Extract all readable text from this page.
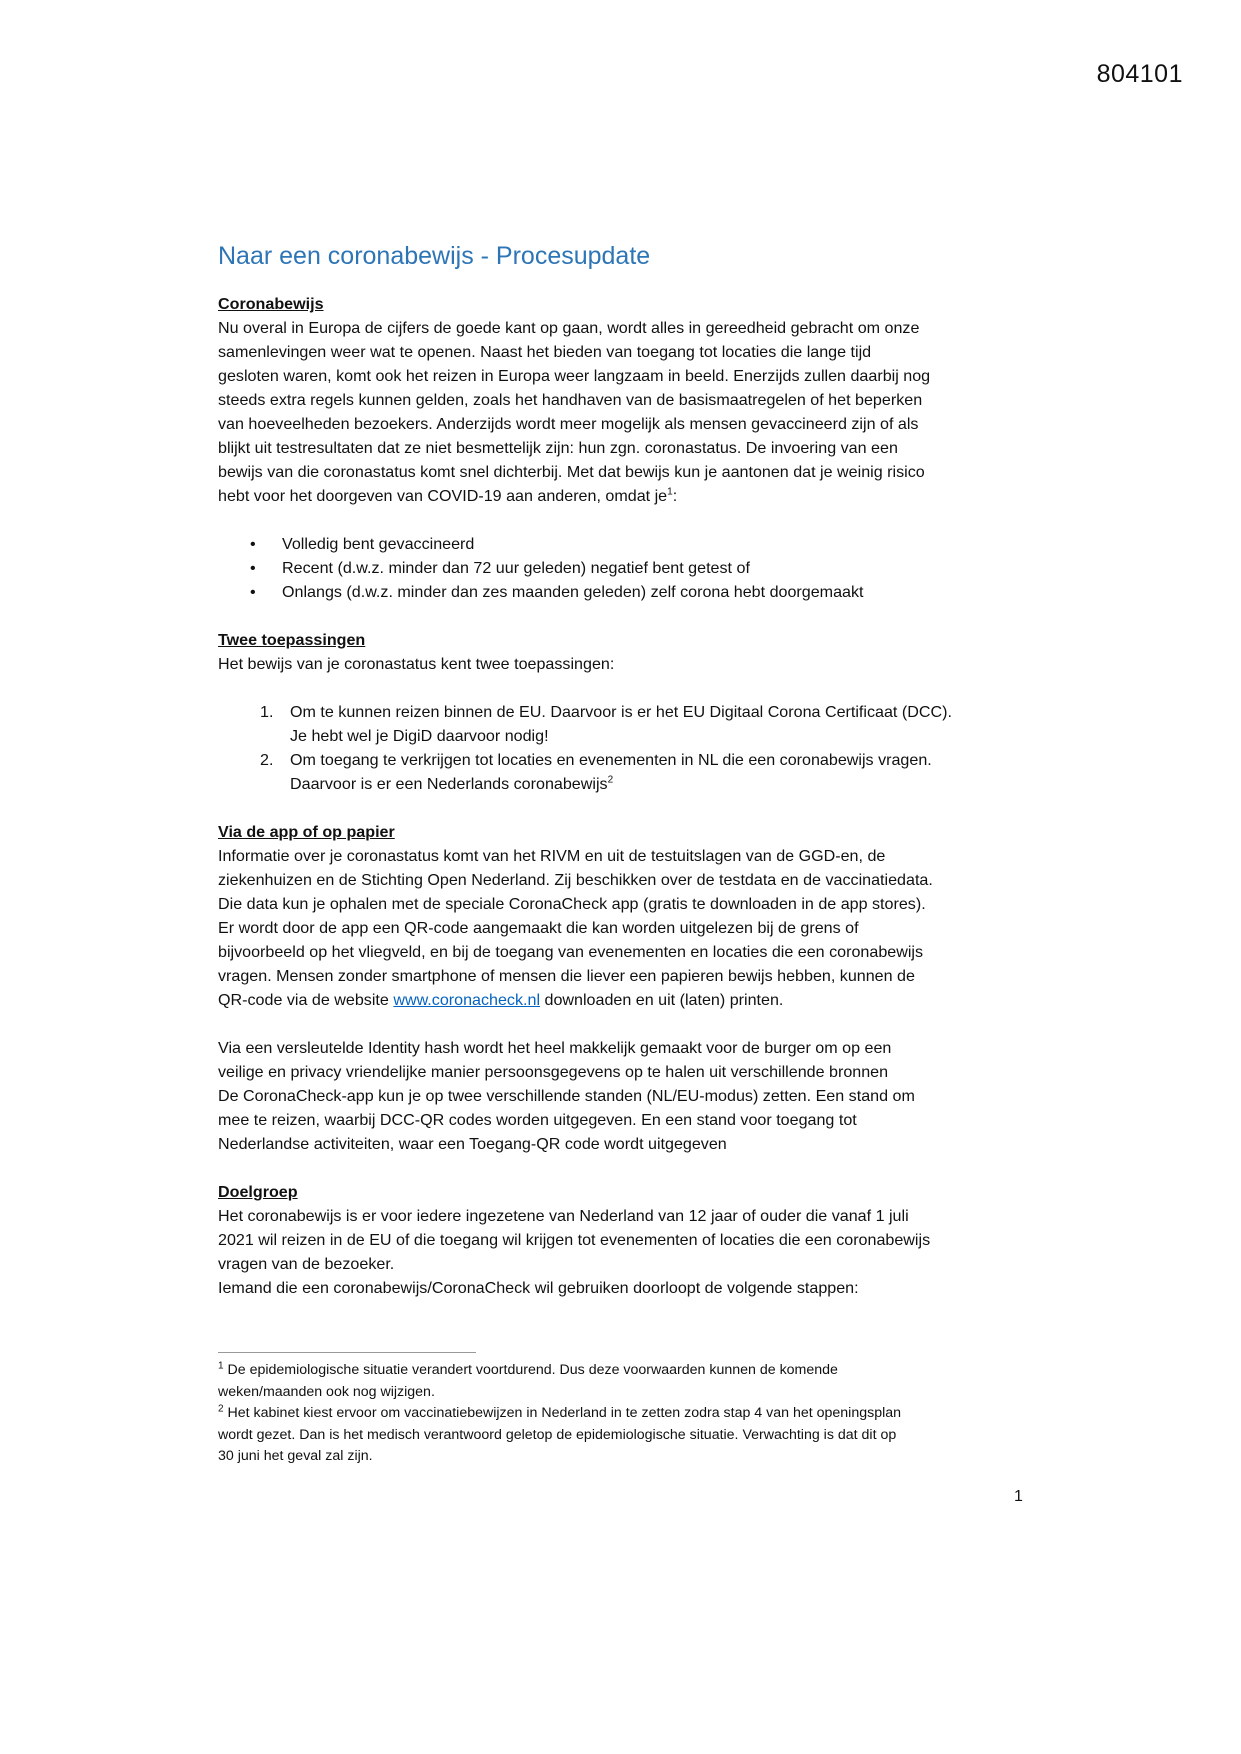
804101
Naar een coronabewijs - Procesupdate

Coronabewijs

Nu overal in Europa de cijfers de goede kant op gaan, wordt alles in gereedheid gebracht om onze

samenlevingen weer wat te openen. Naast het bieden van toegang tot locaties die lange tijd

gesloten waren, komt ook het reizen in Europa weer langzaam in beeld. Enerzijds zullen daarbij nog

steeds extra regels kunnen gelden, zoals het handhaven van de basismaatregelen of het beperken

van hoeveelheden bezoekers. Anderzijds wordt meer mogelijk als mensen gevaccineerd zijn of als

blijkt uit testresultaten dat ze niet besmettelijk zijn: hun zgn. coronastatus. De invoering van een

bewijs van die coronastatus komt snel dichterbij. Met dat bewijs kun je aantonen dat je weinig risico

hebt voor het doorgeven van COVID-19 aan anderen, omdat $je^1$:

• Volledig bent gevaccineerd
• Recent (d.w.z. minder dan 72 uur geleden) negatief bent getest of
• Onlangs (d.w.z. minder dan zes maanden geleden) zelf corona hebt doorgemaakt

Twee toepassingen

Het bewijs van je coronastatus kent twee toepassingen:

1. Om te kunnen reizen binnen de EU. Daarvoor is er het EU Digitaal Corona Certificaat (DCC).
Je hebt wel je DigiD daarvoor nodig!
2. Om toegang te verkrijgen tot locaties en evenementen in NL die een coronabewijs vragen.
Daarvoor is er een Nederlands coronabewijs$^2$

Via de app of op papier

Informatie over je coronastatus komt van het RIVM en uit de testuitslagen van de GGD-en, de

ziekenhuizen en de Stichting Open Nederland. Zij beschikken over de testdata en de vaccinatiedata.

Die data kun je ophalen met de speciale CoronaCheck app (gratis te downloaden in de app stores).

Er wordt door de app een QR-code aangemaakt die kan worden uitgelezen bij de grens of

bijvoorbeeld op het vliegveld, en bij de toegang van evenementen en locaties die een coronabewijs

vragen. Mensen zonder smartphone of mensen die liever een papieren bewijs hebben, kunnen de

QR-code via de website www.coronacheck.nl downloaden en uit (laten) printen.

Via een versleutelde Identity hash wordt het heel makkelijk gemaakt voor de burger om op een

veilige en privacy vriendelijke manier persoonsgegevens op te halen uit verschillende bronnen

De CoronaCheck-app kun je op twee verschillende standen (NL/EU-modus) zetten. Een stand om

mee te reizen, waarbij DCC-QR codes worden uitgegeven. En een stand voor toegang tot

Nederlandse activiteiten, waar een Toegang-QR code wordt uitgegeven

Doelgroep

Het coronabewijs is er voor iedere ingezetene van Nederland van 12 jaar of ouder die vanaf 1 juli

2021 wil reizen in de EU of die toegang wil krijgen tot evenementen of locaties die een coronabewijs

vragen van de bezoeker.

Iemand die een coronabewijs/CoronaCheck wil gebruiken doorloopt de volgende stappen:

$^1$ De epidemiologische situatie verandert voortdurend. Dus deze voorwaarden kunnen de komende
weken/maanden ook nog wijzigen.
$^2$ Het kabinet kiest ervoor om vaccinatiebewijzen in Nederland in te zetten zodra stap 4 van het openingsplan
wordt gezet. Dan is het medisch verantwoord geletop de epidemiologische situatie. Verwachting is dat dit op
30 juni het geval zal zijn.
1
